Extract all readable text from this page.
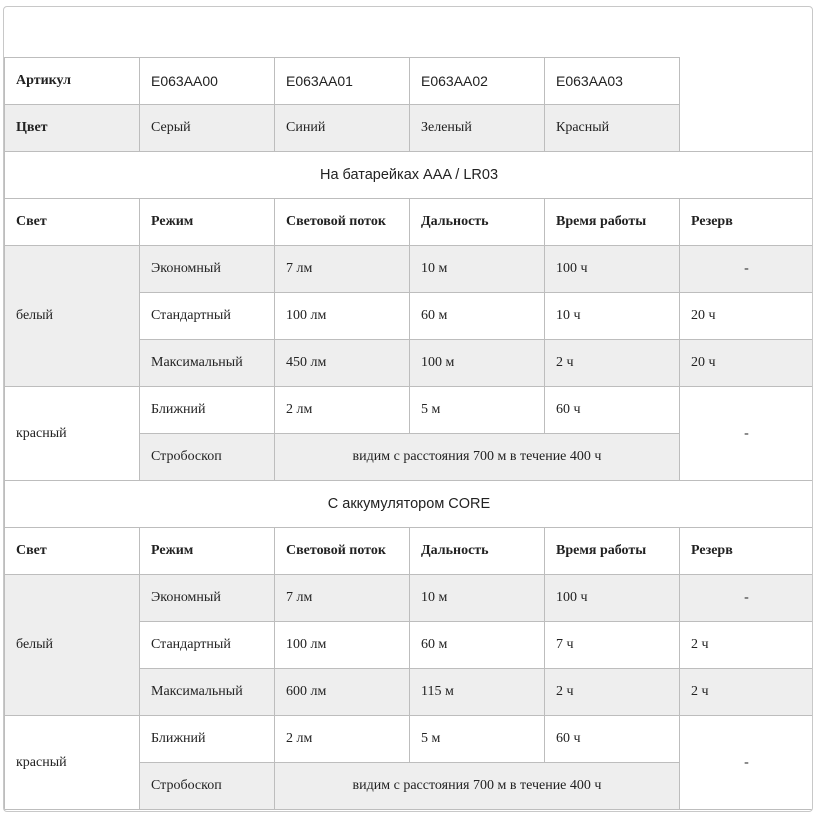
Артикул	E063AA00	E063AA01	E063AA02	E063AA03	
Цвет	Серый	Синий	Зеленый	Красный	
На батарейках AAA / LR03					
Свет	Режим	Световой поток	Дальность	Время работы	Резерв
белый	Экономный	7 лм	10 м	100 ч	-
	Стандартный	100 лм	60 м	10 ч	20 ч
	Максимальный	450 лм	100 м	2 ч	20 ч
красный	Ближний	2 лм	5 м	60 ч	-
	Стробоскоп	видим с расстояния 700 м в течение 400 ч			
С аккумулятором CORE					
Свет	Режим	Световой поток	Дальность	Время работы	Резерв
белый	Экономный	7 лм	10 м	100 ч	-
	Стандартный	100 лм	60 м	7 ч	2 ч
	Максимальный	600 лм	115 м	2 ч	2 ч
красный	Ближний	2 лм	5 м	60 ч	-
	Стробоскоп	видим с расстояния 700 м в течение 400 ч			
